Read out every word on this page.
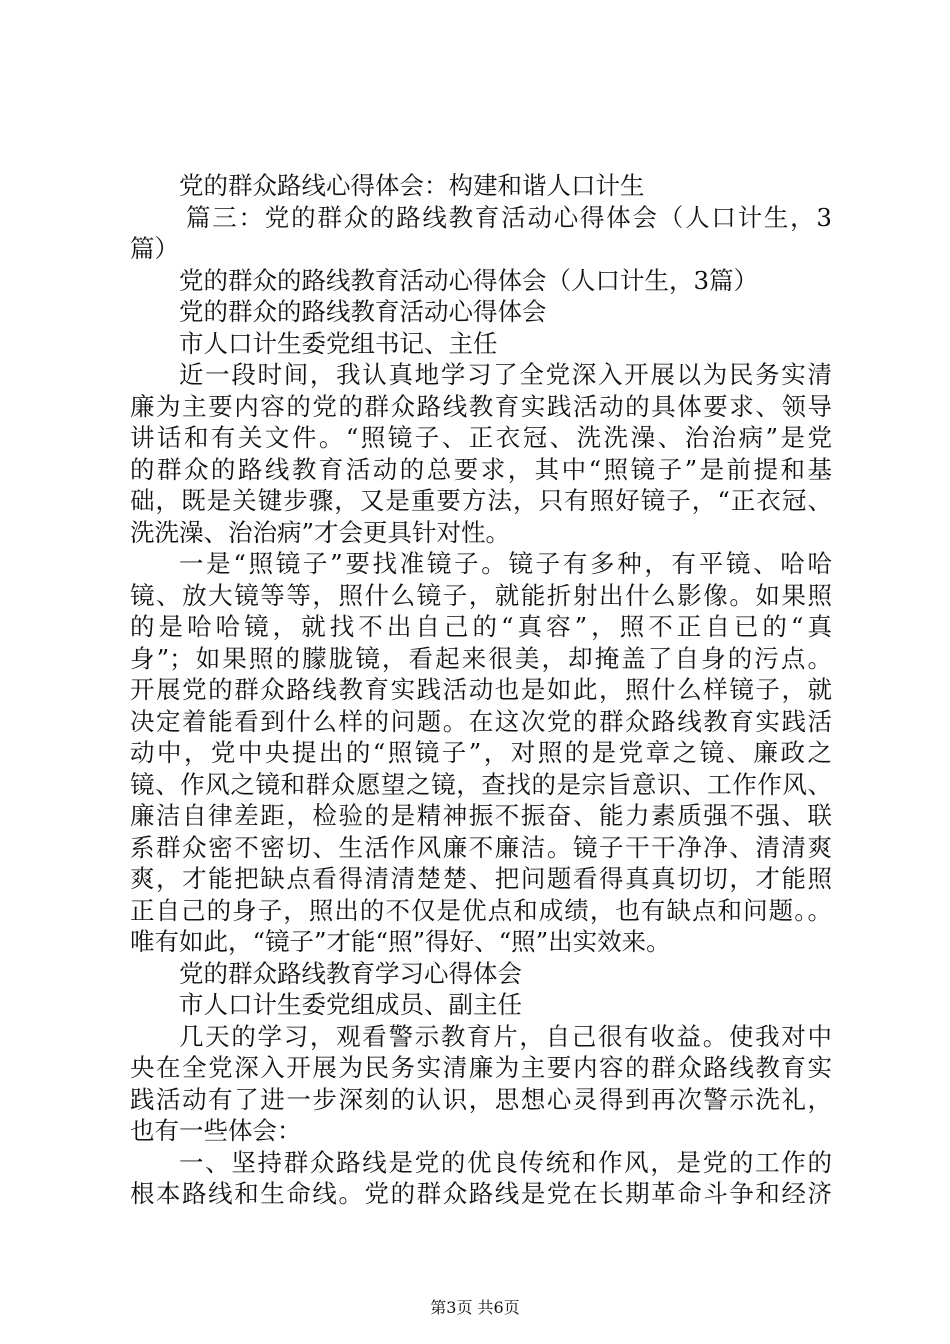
党的群众路线心得体会：构建和谐人口计生
篇三：党的群众的路线教育活动心得体会（人口计生，3
篇）
党的群众的路线教育活动心得体会（人口计生，3篇）
党的群众的路线教育活动心得体会
市人口计生委党组书记、主任
近一段时间，我认真地学习了全党深入开展以为民务实清
廉为主要内容的党的群众路线教育实践活动的具体要求、领导
讲话和有关文件。“照镜子、正衣冠、洗洗澡、治治病”是党
的群众的路线教育活动的总要求，其中“照镜子”是前提和基
础，既是关键步骤，又是重要方法，只有照好镜子，“正衣冠、
洗洗澡、治治病”才会更具针对性。
一是“照镜子”要找准镜子。镜子有多种，有平镜、哈哈
镜、放大镜等等，照什么镜子，就能折射出什么影像。如果照
的是哈哈镜，就找不出自己的“真容”，照不正自已的“真
身”；如果照的朦胧镜，看起来很美，却掩盖了自身的污点。
开展党的群众路线教育实践活动也是如此，照什么样镜子，就
决定着能看到什么样的问题。在这次党的群众路线教育实践活
动中，党中央提出的“照镜子”，对照的是党章之镜、廉政之
镜、作风之镜和群众愿望之镜，查找的是宗旨意识、工作作风、
廉洁自律差距，检验的是精神振不振奋、能力素质强不强、联
系群众密不密切、生活作风廉不廉洁。镜子干干净净、清清爽
爽，才能把缺点看得清清楚楚、把问题看得真真切切，才能照
正自己的身子，照出的不仅是优点和成绩，也有缺点和问题。。
唯有如此，“镜子”才能“照”得好、“照”出实效来。
党的群众路线教育学习心得体会
市人口计生委党组成员、副主任
几天的学习，观看警示教育片，自己很有收益。使我对中
央在全党深入开展为民务实清廉为主要内容的群众路线教育实
践活动有了进一步深刻的认识，思想心灵得到再次警示洗礼，
也有一些体会：
一、坚持群众路线是党的优良传统和作风，是党的工作的
根本路线和生命线。党的群众路线是党在长期革命斗争和经济
第3页 共6页
